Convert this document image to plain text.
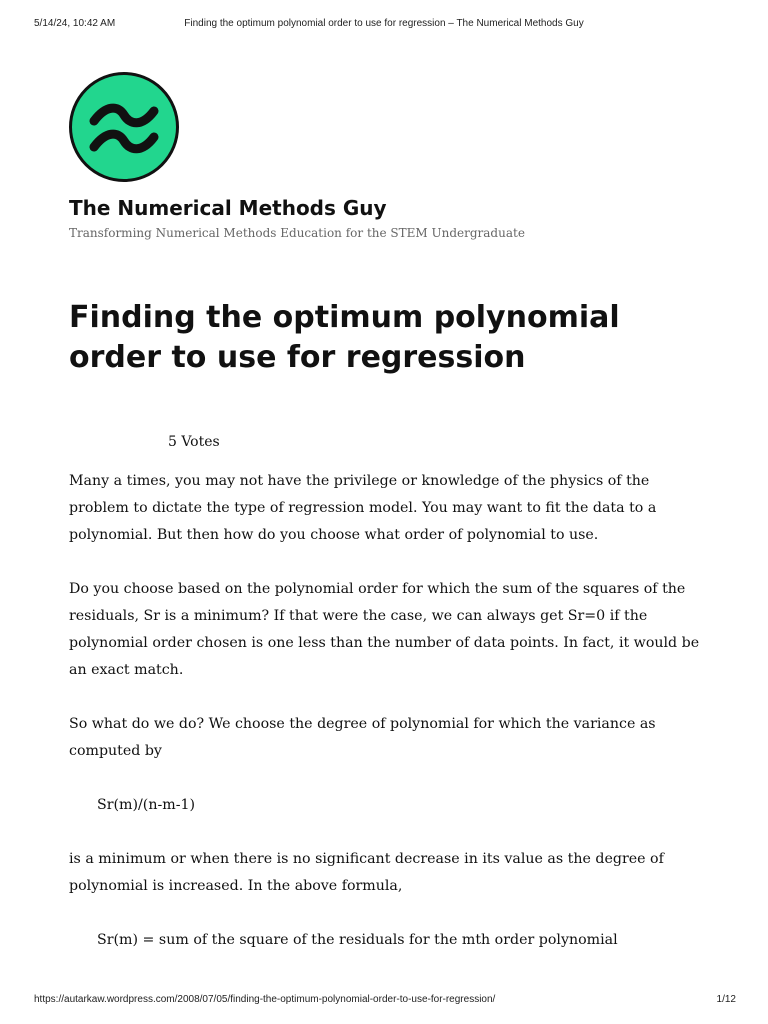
5/14/24, 10:42 AM	Finding the optimum polynomial order to use for regression – The Numerical Methods Guy
The Numerical Methods Guy
Transforming Numerical Methods Education for the STEM Undergraduate
Finding the optimum polynomial order to use for regression
5 Votes

Many a times, you may not have the privilege or knowledge of the physics of the problem to dictate the type of regression model. You may want to fit the data to a polynomial. But then how do you choose what order of polynomial to use.

Do you choose based on the polynomial order for which the sum of the squares of the residuals, Sr is a minimum? If that were the case, we can always get Sr=0 if the polynomial order chosen is one less than the number of data points. In fact, it would be an exact match.

So what do we do? We choose the degree of polynomial for which the variance as computed by

Sr(m)/(n-m-1)

is a minimum or when there is no significant decrease in its value as the degree of polynomial is increased. In the above formula,

Sr(m) = sum of the square of the residuals for the mth order polynomial

https://autarkaw.wordpress.com/2008/07/05/finding-the-optimum-polynomial-order-to-use-for-regression/	1/12
